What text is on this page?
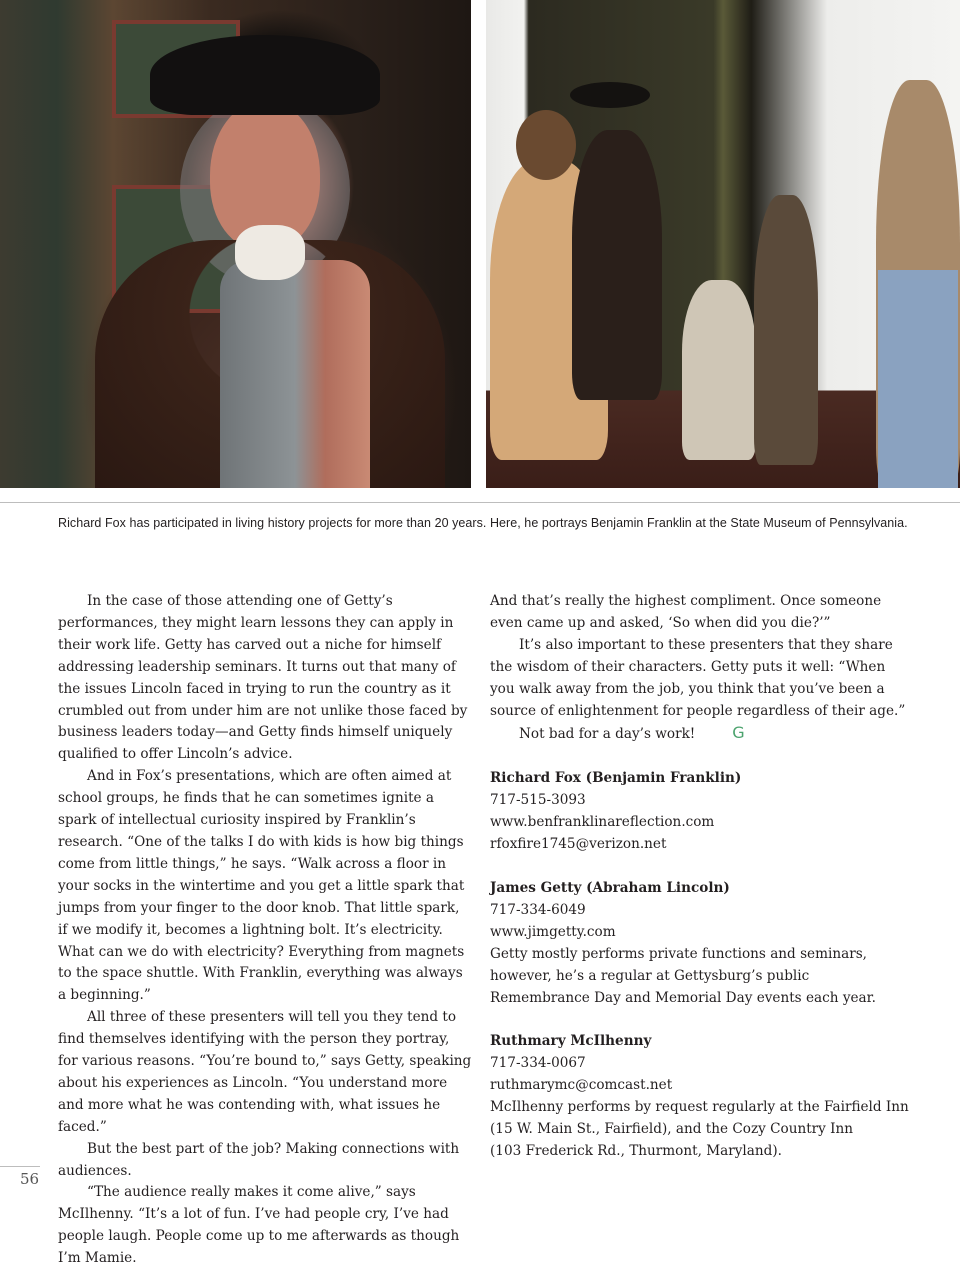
Richard Fox has participated in living history projects for more than 20 years. Here, he portrays Benjamin Franklin at the State Museum of Pennsylvania.

In the case of those attending one of Getty’s performances, they might learn lessons they can apply in their work life. Getty has carved out a niche for himself addressing leadership seminars. It turns out that many of the issues Lincoln faced in trying to run the country as it crumbled out from under him are not unlike those faced by business leaders today—and Getty finds himself uniquely qualified to offer Lincoln’s advice.

And in Fox’s presentations, which are often aimed at school groups, he finds that he can sometimes ignite a spark of intellectual curiosity inspired by Franklin’s research. “One of the talks I do with kids is how big things come from little things,” he says. “Walk across a floor in your socks in the wintertime and you get a little spark that jumps from your finger to the door knob. That little spark, if we modify it, becomes a lightning bolt. It’s electricity. What can we do with electricity? Everything from magnets to the space shuttle. With Franklin, everything was always a beginning.”

All three of these presenters will tell you they tend to find themselves identifying with the person they portray, for various reasons. “You’re bound to,” says Getty, speaking about his experiences as Lincoln. “You understand more and more what he was contending with, what issues he faced.”

But the best part of the job? Making connections with audiences.

“The audience really makes it come alive,” says McIlhenny. “It’s a lot of fun. I’ve had people cry, I’ve had people laugh. People come up to me afterwards as though I’m Mamie.

And that’s really the highest compliment. Once someone even came up and asked, ‘So when did you die?’”

It’s also important to these presenters that they share the wisdom of their characters. Getty puts it well: “When you walk away from the job, you think that you’ve been a source of enlightenment for people regardless of their age.”

Not bad for a day’s work! G

Richard Fox (Benjamin Franklin)
717-515-3093
www.benfranklinareflection.com
rfoxfire1745@verizon.net
James Getty (Abraham Lincoln)
717-334-6049
www.jimgetty.com
Getty mostly performs private functions and seminars, however, he’s a regular at Gettysburg’s public Remembrance Day and Memorial Day events each year.
Ruthmary McIlhenny
717-334-0067
ruthmarymc@comcast.net
McIlhenny performs by request regularly at the Fairfield Inn
(15 W. Main St., Fairfield), and the Cozy Country Inn
(103 Frederick Rd., Thurmont, Maryland).
56
